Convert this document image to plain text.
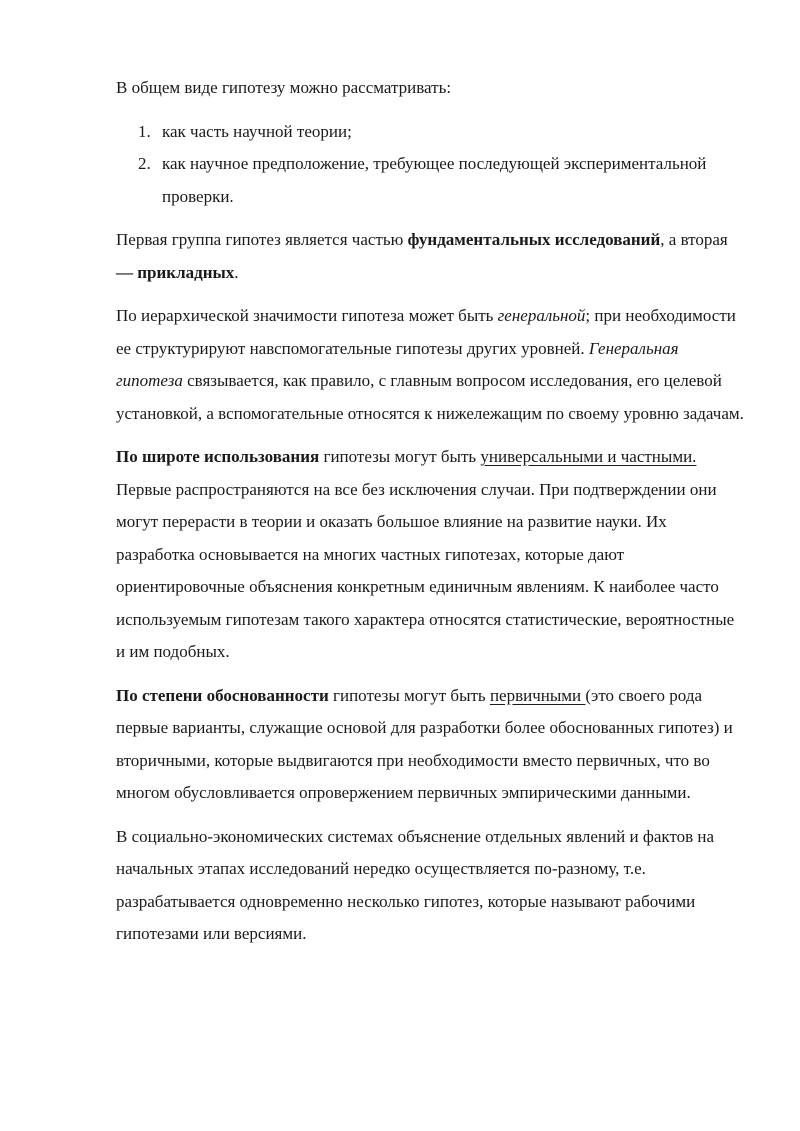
В общем виде гипотезу можно рассматривать:

1. как часть научной теории;
2. как научное предположение, требующее последующей экспериментальной проверки.

Первая группа гипотез является частью фундаментальных исследований, а вторая — прикладных.

По иерархической значимости гипотеза может быть генеральной; при необходимости ее структурируют навспомогательные гипотезы других уровней. Генеральная гипотеза связывается, как правило, с главным вопросом исследования, его целевой установкой, а вспомогательные относятся к нижележащим по своему уровню задачам.

По широте использования гипотезы могут быть универсальными и частными. Первые распространяются на все без исключения случаи. При подтверждении они могут перерасти в теории и оказать большое влияние на развитие науки. Их разработка основывается на многих частных гипотезах, которые дают ориентировочные объяснения конкретным единичным явлениям. К наиболее часто используемым гипотезам такого характера относятся статистические, вероятностные и им подобных.

По степени обоснованности гипотезы могут быть первичными (это своего рода первые варианты, служащие основой для разработки более обоснованных гипотез) и вторичными, которые выдвигаются при необходимости вместо первичных, что во многом обусловливается опровержением первичных эмпирическими данными.

В социально-экономических системах объяснение отдельных явлений и фактов на начальных этапах исследований нередко осуществляется по-разному, т.е. разрабатывается одновременно несколько гипотез, которые называют рабочими гипотезами или версиями.
